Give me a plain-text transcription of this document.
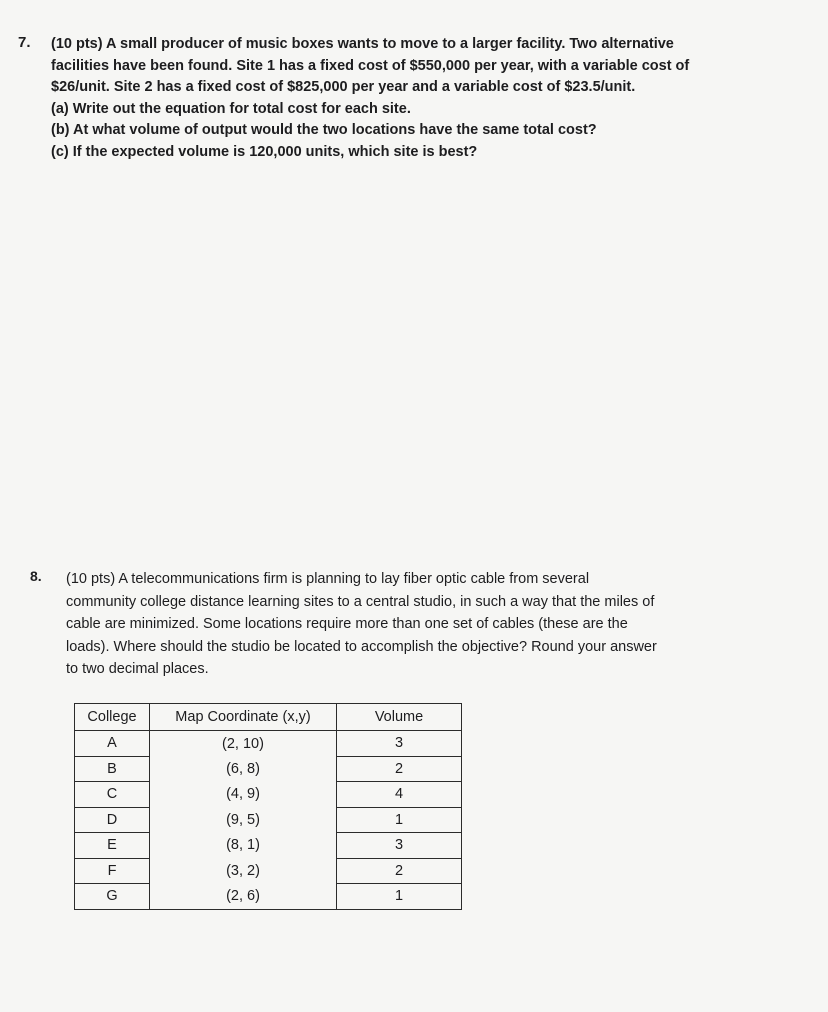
7. (10 pts) A small producer of music boxes wants to move to a larger facility. Two alternative
facilities have been found. Site 1 has a fixed cost of $550,000 per year, with a variable cost of
$26/unit. Site 2 has a fixed cost of $825,000 per year and a variable cost of $23.5/unit.
(a) Write out the equation for total cost for each site.
(b) At what volume of output would the two locations have the same total cost?
(c) If the expected volume is 120,000 units, which site is best?
8. (10 pts) A telecommunications firm is planning to lay fiber optic cable from several
community college distance learning sites to a central studio, in such a way that the miles of
cable are minimized. Some locations require more than one set of cables (these are the
loads). Where should the studio be located to accomplish the objective? Round your answer
to two decimal places.
College	Map Coordinate (x,y)	Volume
A	(2, 10)	3
B	(6, 8)	2
C	(4, 9)	4
D	(9, 5)	1
E	(8, 1)	3
F	(3, 2)	2
G	(2, 6)	1
